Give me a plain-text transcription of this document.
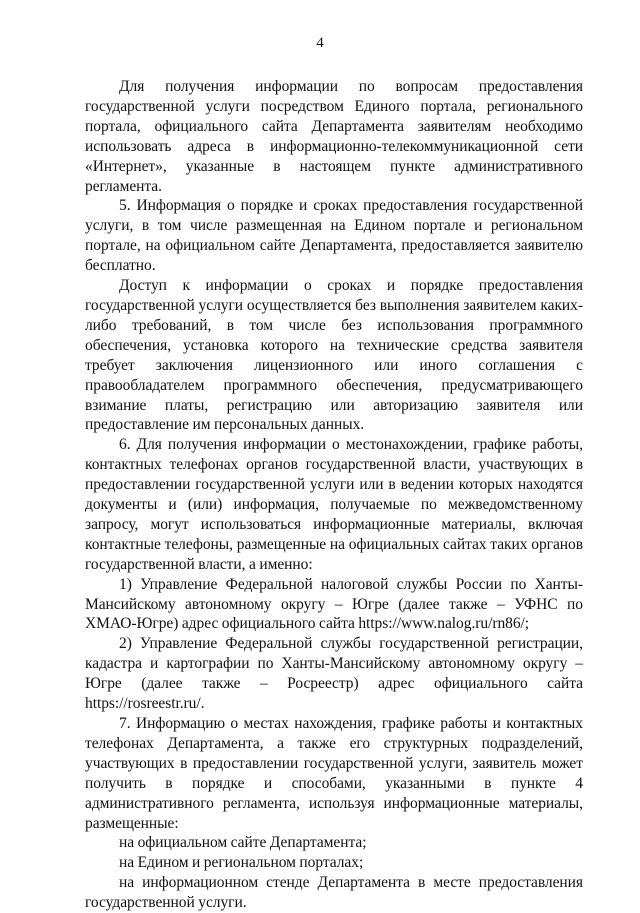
4

Для получения информации по вопросам предоставления государственной услуги посредством Единого портала, регионального портала, официального сайта Департамента заявителям необходимо использовать адреса в информационно-телекоммуникационной сети «Интернет», указанные в настоящем пункте административного регламента.

5. Информация о порядке и сроках предоставления государственной услуги, в том числе размещенная на Едином портале и региональном портале, на официальном сайте Департамента, предоставляется заявителю бесплатно.

Доступ к информации о сроках и порядке предоставления государственной услуги осуществляется без выполнения заявителем каких-либо требований, в том числе без использования программного обеспечения, установка которого на технические средства заявителя требует заключения лицензионного или иного соглашения с правообладателем программного обеспечения, предусматривающего взимание платы, регистрацию или авторизацию заявителя или предоставление им персональных данных.

6. Для получения информации о местонахождении, графике работы, контактных телефонах органов государственной власти, участвующих в предоставлении государственной услуги или в ведении которых находятся документы и (или) информация, получаемые по межведомственному запросу, могут использоваться информационные материалы, включая контактные телефоны, размещенные на официальных сайтах таких органов государственной власти, а именно:

1) Управление Федеральной налоговой службы России по Ханты-Мансийскому автономному округу – Югре (далее также – УФНС по ХМАО-Югре) адрес официального сайта https://www.nalog.ru/rn86/;

2) Управление Федеральной службы государственной регистрации, кадастра и картографии по Ханты-Мансийскому автономному округу – Югре (далее также – Росреестр) адрес официального сайта https://rosreestr.ru/.

7. Информацию о местах нахождения, графике работы и контактных телефонах Департамента, а также его структурных подразделений, участвующих в предоставлении государственной услуги, заявитель может получить в порядке и способами, указанными в пункте 4 административного регламента, используя информационные материалы, размещенные:

на официальном сайте Департамента;

на Едином и региональном порталах;

на информационном стенде Департамента в месте предоставления государственной услуги.
